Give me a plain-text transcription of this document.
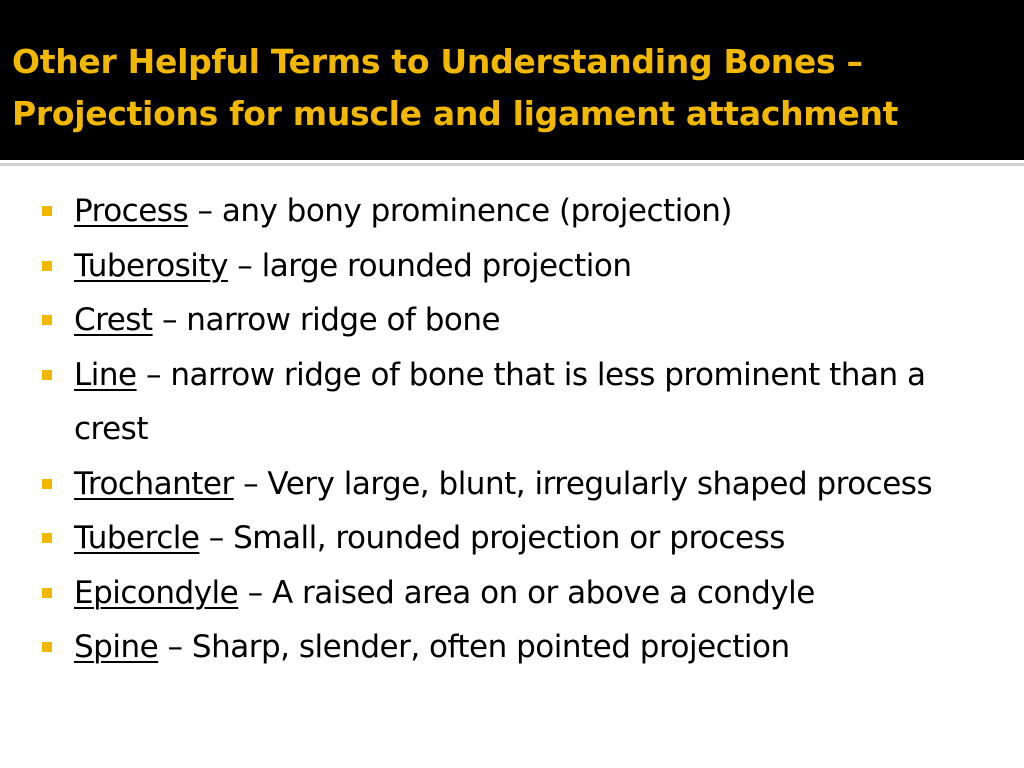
Other Helpful Terms to Understanding Bones – Projections for muscle and ligament attachment
Process – any bony prominence (projection)
Tuberosity – large rounded projection
Crest – narrow ridge of bone
Line – narrow ridge of bone that is less prominent than a crest
Trochanter – Very large, blunt, irregularly shaped process
Tubercle – Small, rounded projection or process
Epicondyle – A raised area on or above a condyle
Spine – Sharp, slender, often pointed projection
